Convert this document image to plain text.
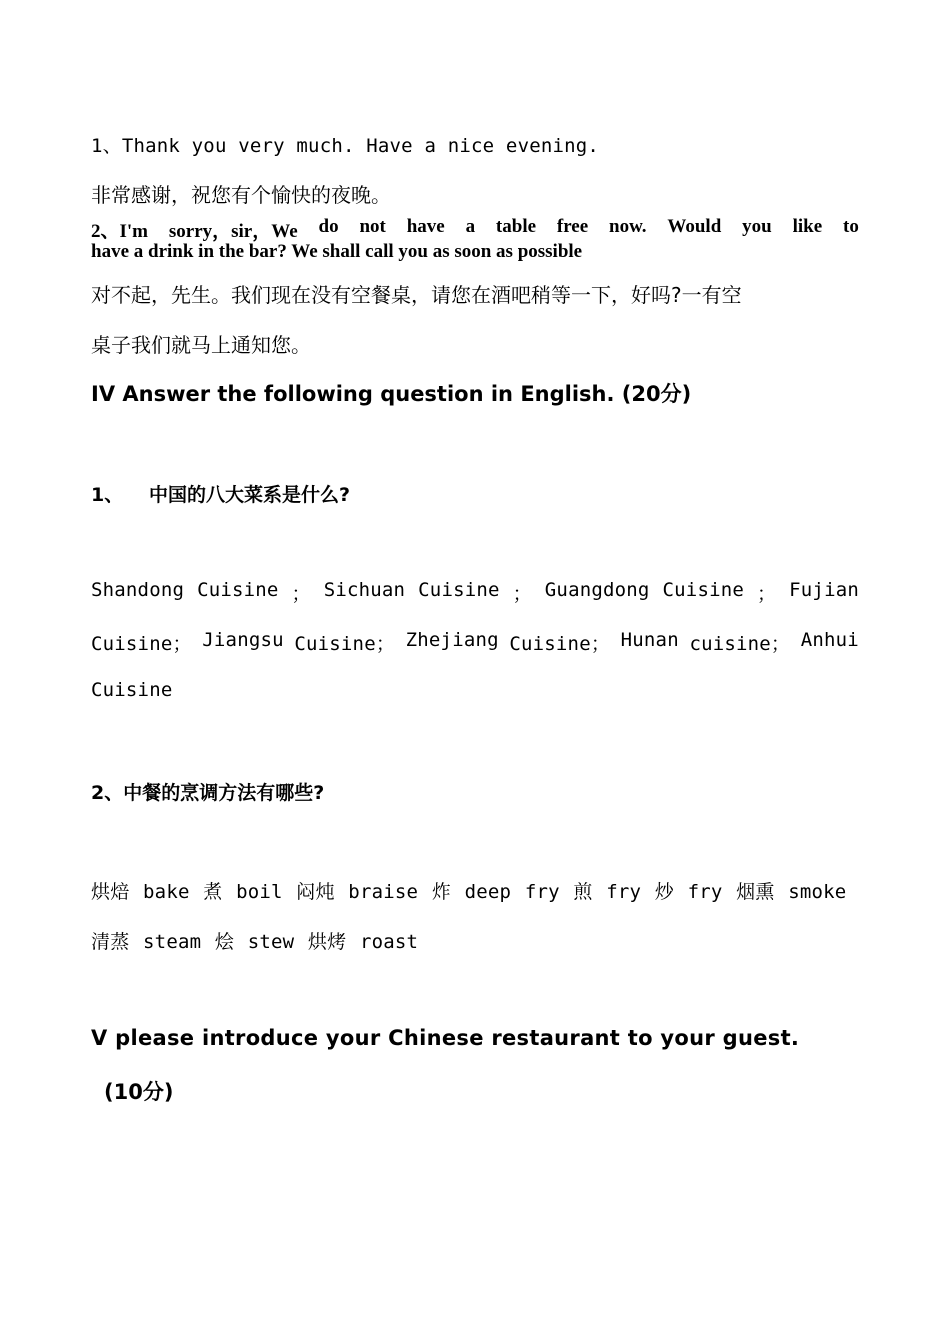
1、Thank you very much. Have a nice evening.
非常感谢，祝您有个愉快的夜晚。
2、I'm sorry，sir，We do not have a table free now. Would you like to
have a drink in the bar? We shall call you as soon as possible
对不起，先生。我们现在没有空餐桌，请您在酒吧稍等一下，好吗?一有空
桌子我们就马上通知您。
IV Answer the following question in English. (20分)
1、 中国的八大菜系是什么?
Shandong Cuisine ； Sichuan Cuisine ； Guangdong Cuisine ； Fujian
Cuisine； Jiangsu Cuisine； Zhejiang Cuisine； Hunan cuisine； Anhui
Cuisine
2、中餐的烹调方法有哪些?
烘焙 bake 煮 boil 闷炖 braise 炸 deep fry 煎 fry 炒 fry 烟熏 smoke
清蒸 steam 烩 stew 烘烤 roast
V please introduce your Chinese restaurant to your guest.
(10分)
